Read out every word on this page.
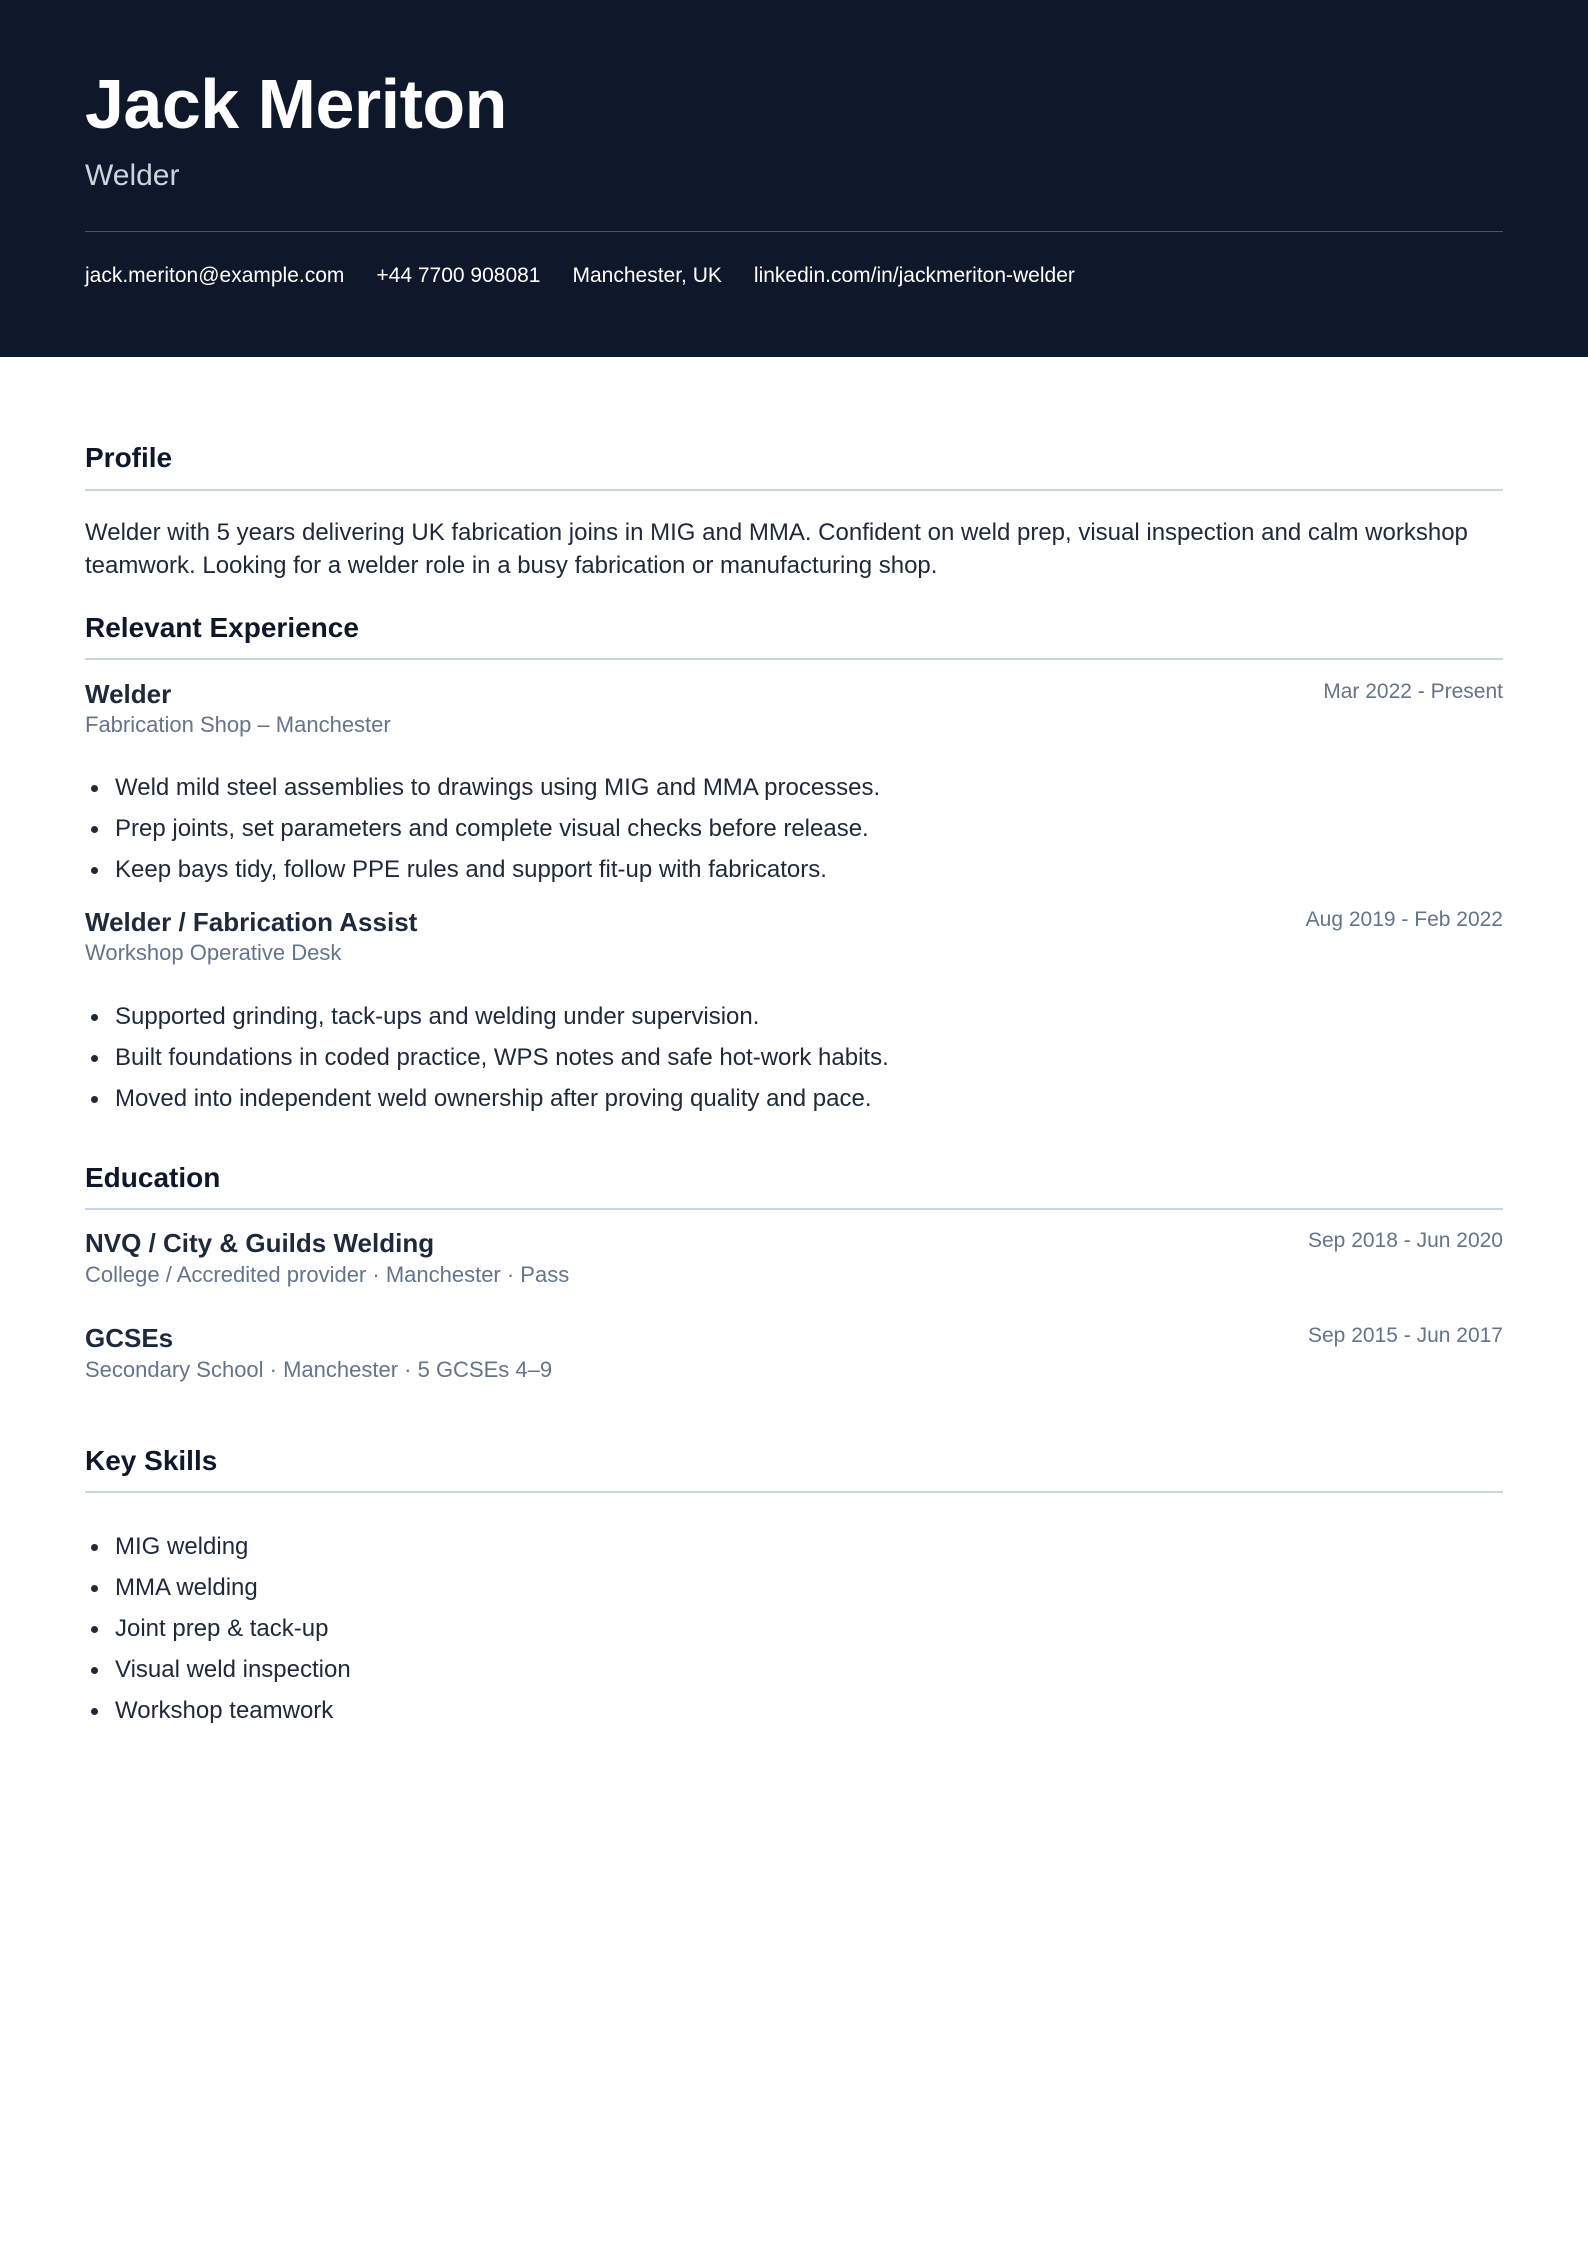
Jack Meriton
Welder
jack.meriton@example.com +44 7700 908081 Manchester, UK linkedin.com/in/jackmeriton-welder
Profile
Welder with 5 years delivering UK fabrication joins in MIG and MMA. Confident on weld prep, visual inspection and calm workshop teamwork. Looking for a welder role in a busy fabrication or manufacturing shop.
Relevant Experience
Welder	Mar 2022 - Present
Fabrication Shop – Manchester
Weld mild steel assemblies to drawings using MIG and MMA processes.
Prep joints, set parameters and complete visual checks before release.
Keep bays tidy, follow PPE rules and support fit-up with fabricators.
Welder / Fabrication Assist	Aug 2019 - Feb 2022
Workshop Operative Desk
Supported grinding, tack-ups and welding under supervision.
Built foundations in coded practice, WPS notes and safe hot-work habits.
Moved into independent weld ownership after proving quality and pace.
Education
NVQ / City & Guilds Welding	Sep 2018 - Jun 2020
College / Accredited provider · Manchester · Pass
GCSEs	Sep 2015 - Jun 2017
Secondary School · Manchester · 5 GCSEs 4–9
Key Skills
MIG welding
MMA welding
Joint prep & tack-up
Visual weld inspection
Workshop teamwork
